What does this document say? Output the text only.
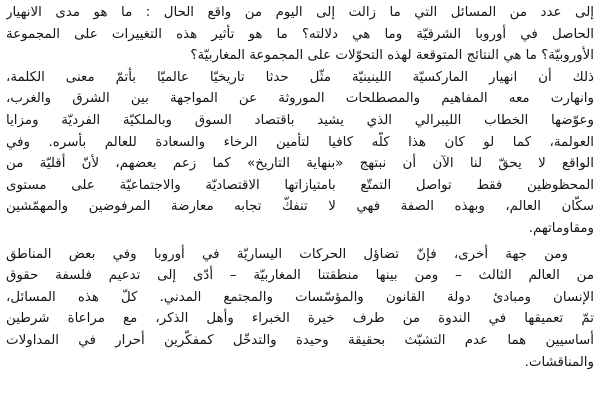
إلى عدد من المسائل التي ما زالت إلى اليوم من واقع الحال : ما هو مدى الانهيار
الحاصل في أوروبا الشرقيّة وما هي دلالته؟ ما هو تأثير هذه التغييرات على المجموعة
الأوروبيّة؟ ما هي النتائج المتوقعة لهذه التحوّلات على المجموعة المغاربيّة؟
ذلك أن انهيار الماركسيّة اللينينيّة مثّل حدثا تاريخيّا عالميّا بأتمّ معنى الكلمة،
وانهارت معه المفاهيم والمصطلحات الموروثة عن المواجهة بين الشرق والغرب،
وعوّضها الخطاب الليبرالي الذي يشيد باقتصاد السوق وبالملكيّة الفرديّة ومزايا
العولمة، كما لو كان هذا كلّه كافيا لتأمين الرخاء والسعادة للعالم بأسره. وفي
الواقع لا يحقّ لنا الآن أن نبتهج «بنهاية التاريخ» كما زعم بعضهم، لأنّ أقليّة من
المحظوظين فقط تواصل التمتّع بامتيازاتها الاقتصاديّة والاجتماعيّة على مستوى
سكّان العالم، وبهذه الصفة فهي لا تنفكّ تجابه معارضة المرفوضين والمهمّشين
ومقاوماتهم.
ومن جهة أخرى، فإنّ تضاؤل الحركات اليساريّة في أوروبا وفي بعض المناطق
من العالم الثالث – ومن بينها منطقتنا المغاربيّة – أدّى إلى تدعيم فلسفة حقوق
الإنسان ومبادئ دولة القانون والمؤسّسات والمجتمع المدني. كلّ هذه المسائل،
تمّ تعميقها في الندوة من طرف خيرة الخبراء وأهل الذكر، مع مراعاة شرطين
أساسيين هما عدم التشبّث بحقيقة وحيدة والتدخّل كمفكّرين أحرار في المداولات
والمناقشات.
